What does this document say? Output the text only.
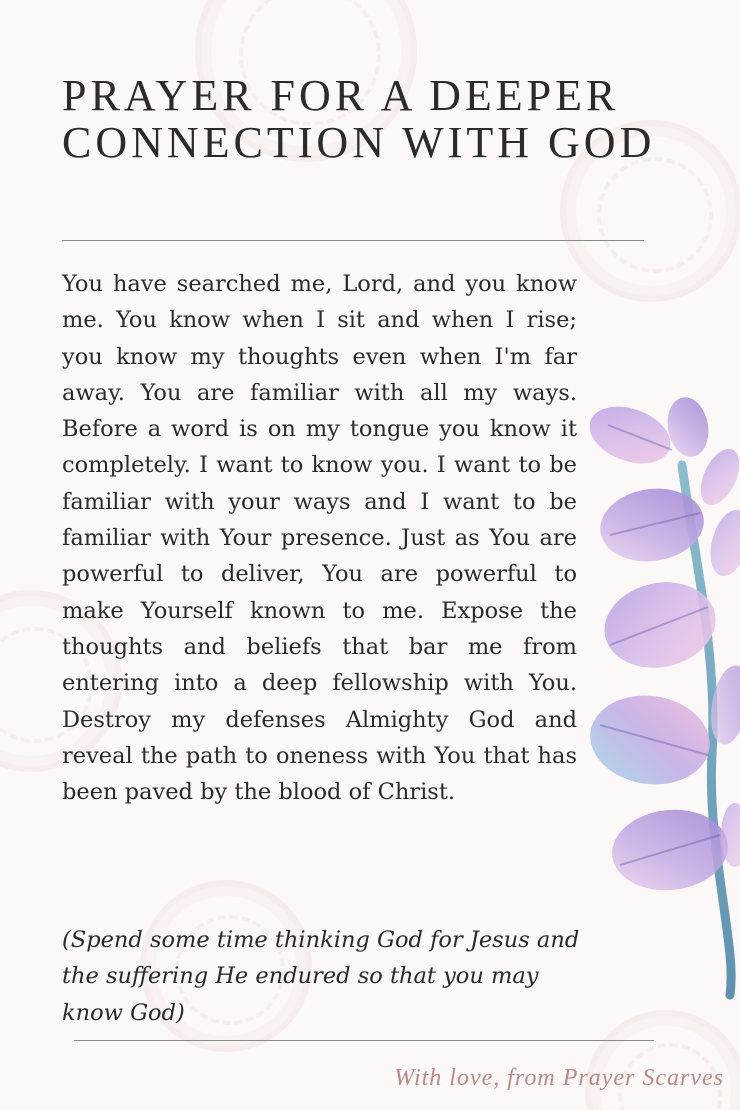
PRAYER FOR A DEEPER CONNECTION WITH GOD

You have searched me, Lord, and you know me. You know when I sit and when I rise; you know my thoughts even when I'm far away. You are familiar with all my ways. Before a word is on my tongue you know it completely. I want to know you. I want to be familiar with your ways and I want to be familiar with Your presence. Just as You are powerful to deliver, You are powerful to make Yourself known to me. Expose the thoughts and beliefs that bar me from entering into a deep fellowship with You. Destroy my defenses Almighty God and reveal the path to oneness with You that has been paved by the blood of Christ.

(Spend some time thinking God for Jesus and the suffering He endured so that you may know God)

With love, from Prayer Scarves
